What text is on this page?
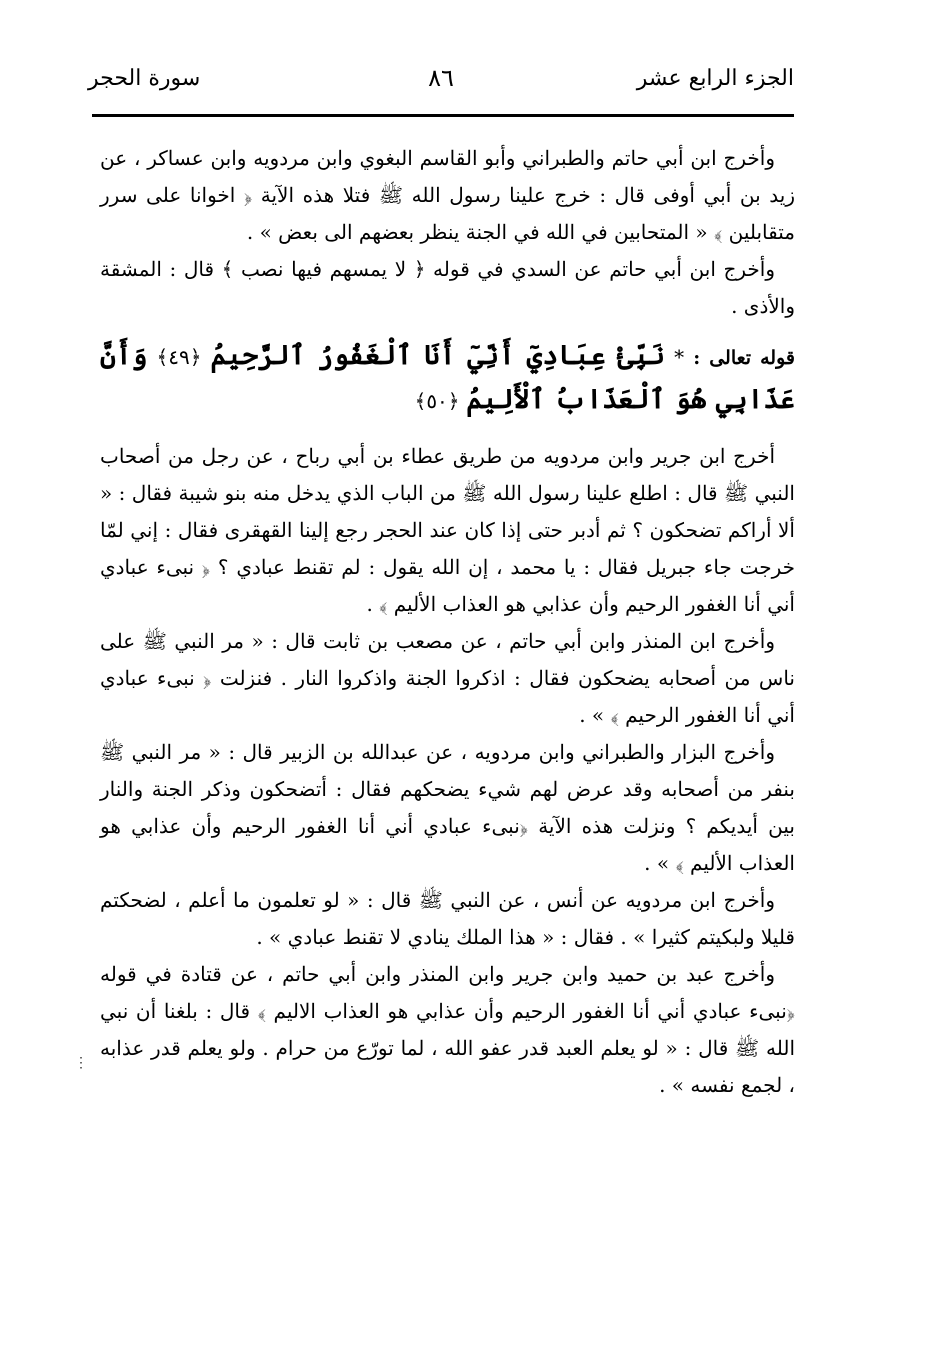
الجزء الرابع عشر
٨٦
سورة الحجر

وأخرج ابن أبي حاتم والطبراني وأبو القاسم البغوي وابن مردويه وابن عساكر ، عن زيد بن أبي أوفى قال : خرج علينا رسول الله ﷺ فتلا هذه الآية ﴿ اخوانا على سرر متقابلين ﴾ « المتحابين في الله في الجنة ينظر بعضهم الى بعض » .

وأخرج ابن أبي حاتم عن السدي في قوله ﴿ لا يمسهم فيها نصب ﴾ قال : المشقة والأذى .

قوله تعالى : * نَبِّئْ عِبَادِيٓ أَنِّيٓ أَنَا ٱلْغَفُورُ ٱلرَّحِيمُ ﴿٤٩﴾ وَأَنَّ عَذَابِي هُوَ ٱلْعَذَابُ ٱلْأَلِيمُ ﴿٥٠﴾

أخرج ابن جرير وابن مردويه من طريق عطاء بن أبي رباح ، عن رجل من أصحاب النبي ﷺ قال : اطلع علينا رسول الله ﷺ من الباب الذي يدخل منه بنو شيبة فقال : « ألا أراكم تضحكون ؟ ثم أدبر حتى إذا كان عند الحجر رجع إلينا القهقرى فقال : إني لمّا خرجت جاء جبريل فقال : يا محمد ، إن الله يقول : لم تقنط عبادي ؟ ﴿ نبىء عبادي أني أنا الغفور الرحيم وأن عذابي هو العذاب الأليم ﴾ .

وأخرج ابن المنذر وابن أبي حاتم ، عن مصعب بن ثابت قال : « مر النبي ﷺ على ناس من أصحابه يضحكون فقال : اذكروا الجنة واذكروا النار . فنزلت ﴿ نبىء عبادي أني أنا الغفور الرحيم ﴾ » .

وأخرج البزار والطبراني وابن مردويه ، عن عبدالله بن الزبير قال : « مر النبي ﷺ بنفر من أصحابه وقد عرض لهم شيء يضحكهم فقال : أتضحكون وذكر الجنة والنار بين أيديكم ؟ ونزلت هذه الآية ﴿نبىء عبادي أني أنا الغفور الرحيم وأن عذابي هو العذاب الأليم ﴾ » .

وأخرج ابن مردويه عن أنس ، عن النبي ﷺ قال : « لو تعلمون ما أعلم ، لضحكتم قليلا ولبكيتم كثيرا » . فقال : « هذا الملك ينادي لا تقنط عبادي » .

وأخرج عبد بن حميد وابن جرير وابن المنذر وابن أبي حاتم ، عن قتادة في قوله ﴿نبىء عبادي أني أنا الغفور الرحيم وأن عذابي هو العذاب الاليم ﴾ قال : بلغنا أن نبي الله ﷺ قال : « لو يعلم العبد قدر عفو الله ، لما تورّع من حرام . ولو يعلم قدر عذابه ، لجمع نفسه » .

⋮
